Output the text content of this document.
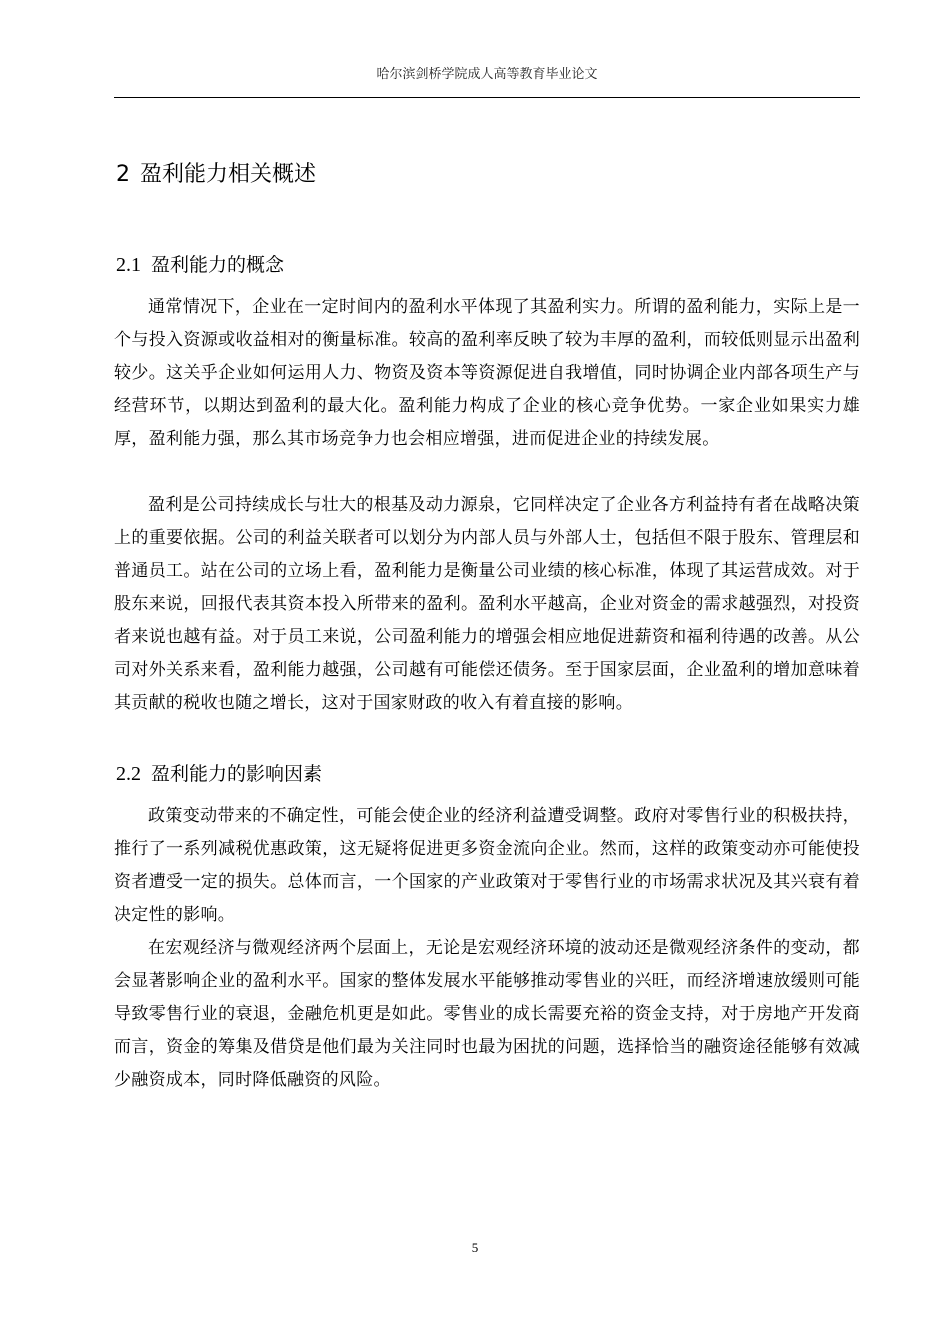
哈尔滨剑桥学院成人高等教育毕业论文
2 盈利能力相关概述
2.1 盈利能力的概念

通常情况下，企业在一定时间内的盈利水平体现了其盈利实力。所谓的盈利能力，实际上是一个与投入资源或收益相对的衡量标准。较高的盈利率反映了较为丰厚的盈利，而较低则显示出盈利较少。这关乎企业如何运用人力、物资及资本等资源促进自我增值，同时协调企业内部各项生产与经营环节，以期达到盈利的最大化。盈利能力构成了企业的核心竞争优势。一家企业如果实力雄厚，盈利能力强，那么其市场竞争力也会相应增强，进而促进企业的持续发展。

盈利是公司持续成长与壮大的根基及动力源泉，它同样决定了企业各方利益持有者在战略决策上的重要依据。公司的利益关联者可以划分为内部人员与外部人士，包括但不限于股东、管理层和普通员工。站在公司的立场上看，盈利能力是衡量公司业绩的核心标准，体现了其运营成效。对于股东来说，回报代表其资本投入所带来的盈利。盈利水平越高，企业对资金的需求越强烈，对投资者来说也越有益。对于员工来说，公司盈利能力的增强会相应地促进薪资和福利待遇的改善。从公司对外关系来看，盈利能力越强，公司越有可能偿还债务。至于国家层面，企业盈利的增加意味着其贡献的税收也随之增长，这对于国家财政的收入有着直接的影响。

2.2 盈利能力的影响因素

政策变动带来的不确定性，可能会使企业的经济利益遭受调整。政府对零售行业的积极扶持，推行了一系列减税优惠政策，这无疑将促进更多资金流向企业。然而，这样的政策变动亦可能使投资者遭受一定的损失。总体而言，一个国家的产业政策对于零售行业的市场需求状况及其兴衰有着决定性的影响。

在宏观经济与微观经济两个层面上，无论是宏观经济环境的波动还是微观经济条件的变动，都会显著影响企业的盈利水平。国家的整体发展水平能够推动零售业的兴旺，而经济增速放缓则可能导致零售行业的衰退，金融危机更是如此。零售业的成长需要充裕的资金支持，对于房地产开发商而言，资金的筹集及借贷是他们最为关注同时也最为困扰的问题，选择恰当的融资途径能够有效减少融资成本，同时降低融资的风险。

5
